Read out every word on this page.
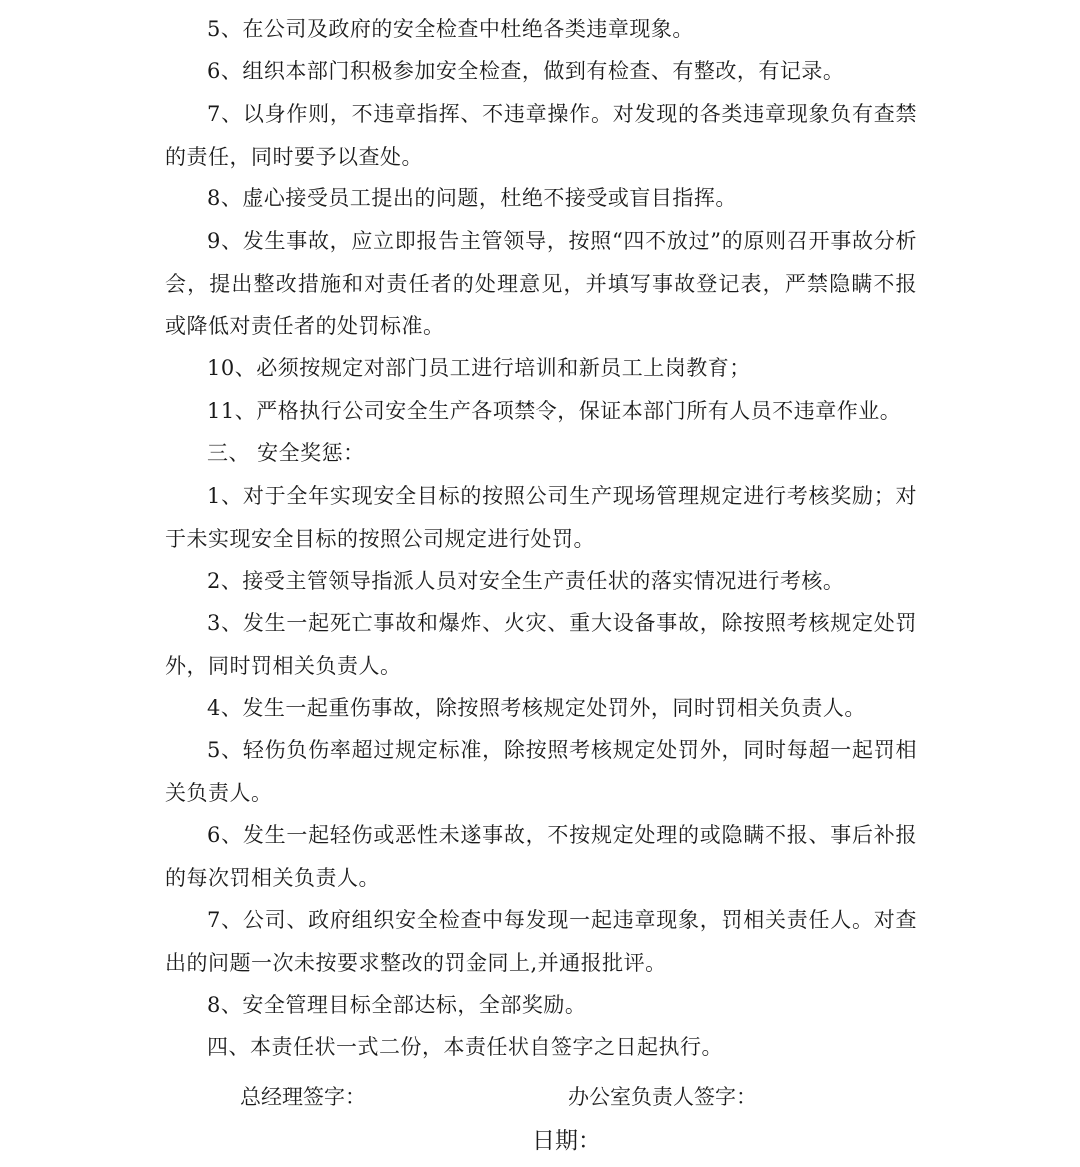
5、在公司及政府的安全检查中杜绝各类违章现象。

6、组织本部门积极参加安全检查，做到有检查、有整改，有记录。

7、以身作则，不违章指挥、不违章操作。对发现的各类违章现象负有查禁的责任，同时要予以查处。

8、虚心接受员工提出的问题，杜绝不接受或盲目指挥。

9、发生事故，应立即报告主管领导，按照“四不放过”的原则召开事故分析会，提出整改措施和对责任者的处理意见，并填写事故登记表，严禁隐瞒不报或降低对责任者的处罚标准。

10、必须按规定对部门员工进行培训和新员工上岗教育；

11、严格执行公司安全生产各项禁令，保证本部门所有人员不违章作业。

三、 安全奖惩：

1、对于全年实现安全目标的按照公司生产现场管理规定进行考核奖励；对于未实现安全目标的按照公司规定进行处罚。

2、接受主管领导指派人员对安全生产责任状的落实情况进行考核。

3、发生一起死亡事故和爆炸、火灾、重大设备事故，除按照考核规定处罚外，同时罚相关负责人。

4、发生一起重伤事故，除按照考核规定处罚外，同时罚相关负责人。

5、轻伤负伤率超过规定标准，除按照考核规定处罚外，同时每超一起罚相关负责人。

6、发生一起轻伤或恶性未遂事故，不按规定处理的或隐瞒不报、事后补报的每次罚相关负责人。

7、公司、政府组织安全检查中每发现一起违章现象，罚相关责任人。对查出的问题一次未按要求整改的罚金同上,并通报批评。

8、安全管理目标全部达标，全部奖励。

四、本责任状一式二份，本责任状自签字之日起执行。

总经理签字：	办公室负责人签字：

日期：
